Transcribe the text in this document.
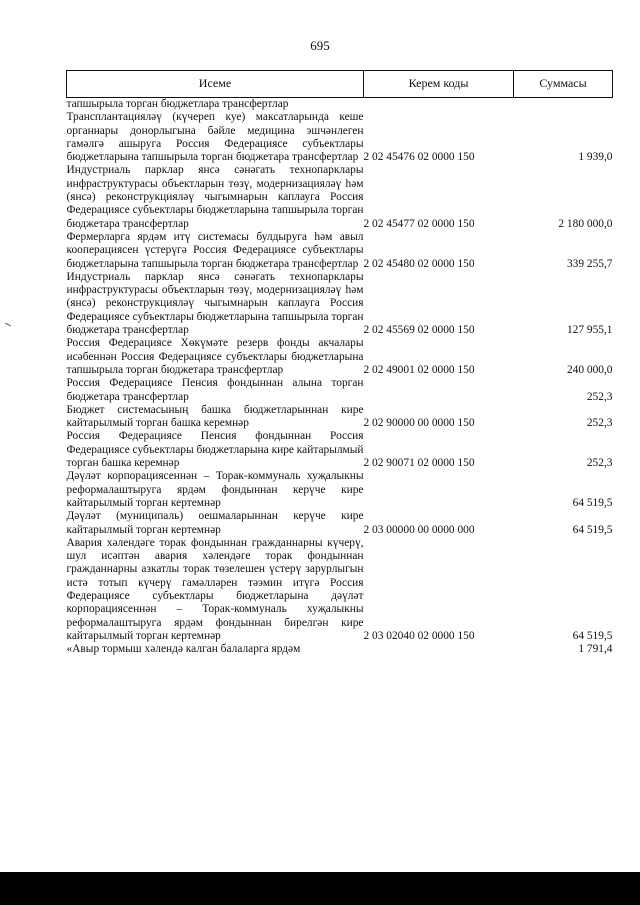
695
Исеме	Керем коды	Суммасы
тапшырыла торган бюджетлара трансфертлар		
Трансплантацияләү (күчереп куе) максатларында кеше органнары донорлыгына бәйле медицина эшчәнлеген гамәлгә ашыруга Россия Федерациясе субъектлары бюджетларына тапшырыла торган бюджетара трансфертлар	2 02 45476 02 0000 150	1 939,0
Индустриаль парклар янсә сәнәгать технопарклары инфраструктурасы объектларын төзү, модернизацияләү һәм (янсә) реконструкцияләү чыгымнарын каплауга Россия Федерациясе субъектлары бюджетларына тапшырыла торган бюджетара трансфертлар	2 02 45477 02 0000 150	2 180 000,0
Фермерларга ярдәм итү системасы булдыруга һәм авыл кооперациясен үстерүгә Россия Федерациясе субъектлары бюджетларына тапшырыла торган бюджетара трансфертлар	2 02 45480 02 0000 150	339 255,7
Индустриаль парклар янсә сәнәгать технопарклары инфраструктурасы объектларын төзү, модернизацияләү һәм (янсә) реконструкцияләү чыгымнарын каплауга Россия Федерациясе субъектлары бюджетларына тапшырыла торган бюджетара трансфертлар	2 02 45569 02 0000 150	127 955,1
Россия Федерациясе Хөкүмәте резерв фонды акчалары исәбеннән Россия Федерациясе субъектлары бюджетларына тапшырыла торган бюджетара трансфертлар	2 02 49001 02 0000 150	240 000,0
Россия Федерациясе Пенсия фондыннан алына торган бюджетара трансфертлар		252,3
Бюджет системасының башка бюджетларыннан кире кайтарылмый торган башка керемнәр	2 02 90000 00 0000 150	252,3
Россия Федерациясе Пенсия фондыннан Россия Федерациясе субъектлары бюджетларына кире кайтарылмый торган башка керемнәр	2 02 90071 02 0000 150	252,3
Дәүләт корпорациясеннән – Торак-коммуналь хуҗалыкны реформалаштыруга ярдәм фондыннан керүче кире кайтарылмый торган кертемнәр		64 519,5
Дәүләт (муниципаль) оешмаларыннан керүче кире кайтарылмый торган кертемнәр	2 03 00000 00 0000 000	64 519,5
Авария хәлендәге торак фондыннан гражданнарны күчерү, шул исәптән авария хәлендәге торак фондыннан гражданнарны азкатлы торак төзелешен үстерү зарурлыгын истә тотып күчерү гамәлләрен тәэмин итүгә Россия Федерациясе субъектлары бюджетларына дәүләт корпорациясеннән – Торак-коммуналь хуҗалыкны реформалаштыруга ярдәм фондыннан бирелгән кире кайтарылмый торган кертемнәр	2 03 02040 02 0000 150	64 519,5
«Авыр тормыш хәлендә калган балаларга ярдәм		1 791,4
